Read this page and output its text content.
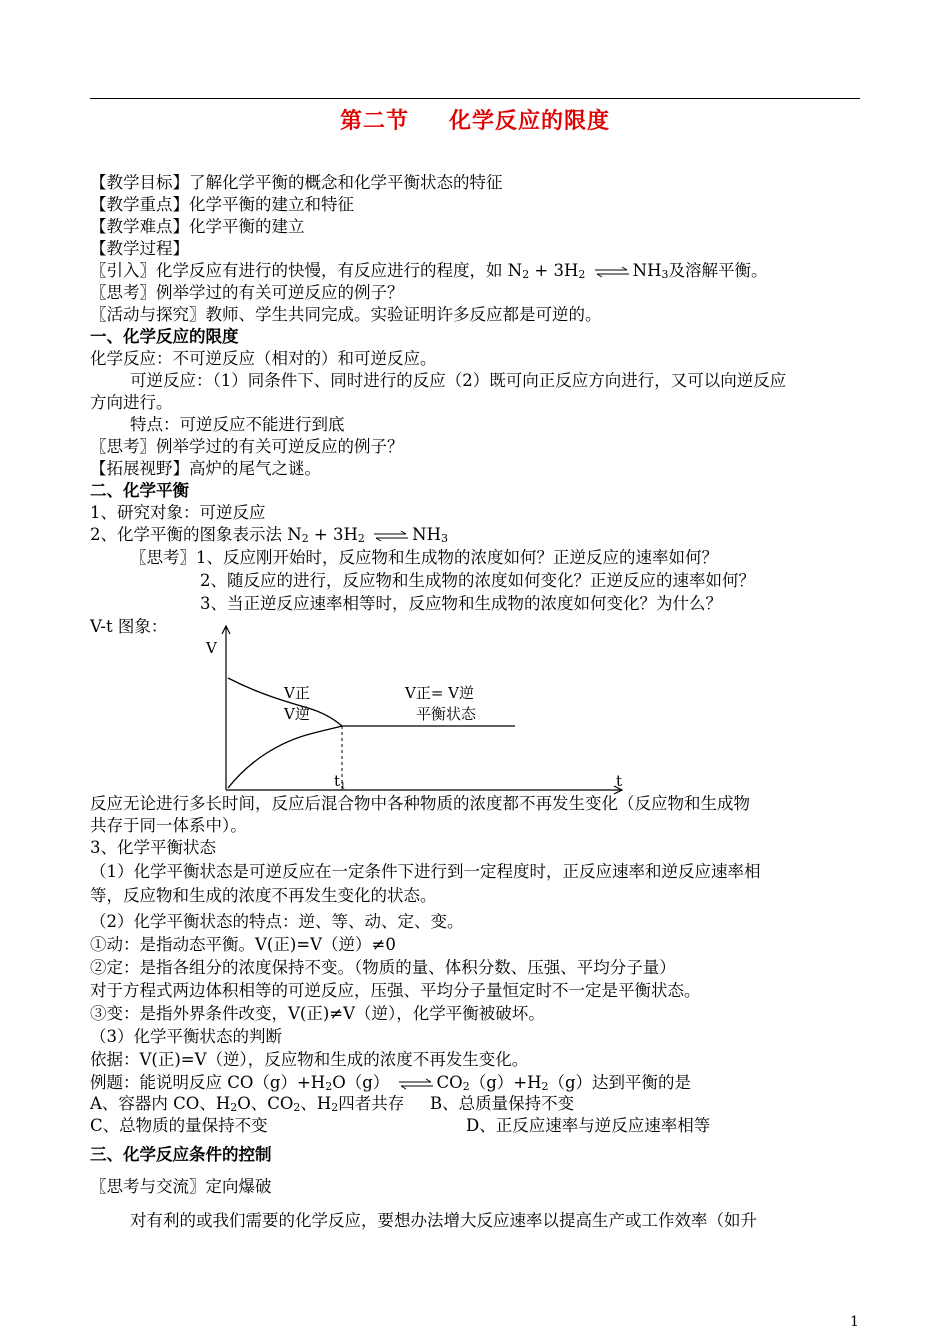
第二节 化学反应的限度
【教学目标】了解化学平衡的概念和化学平衡状态的特征
【教学重点】化学平衡的建立和特征
【教学难点】化学平衡的建立
【教学过程】
〖引入〗化学反应有进行的快慢，有反应进行的程度，如 N2 + 3H2 ⇌ NH3及溶解平衡。
〖思考〗例举学过的有关可逆反应的例子？
〖活动与探究〗教师、学生共同完成。实验证明许多反应都是可逆的。
一、化学反应的限度
化学反应：不可逆反应（相对的）和可逆反应。
可逆反应：（1）同条件下、同时进行的反应（2）既可向正反应方向进行，又可以向逆反应
方向进行。
特点：可逆反应不能进行到底
〖思考〗例举学过的有关可逆反应的例子？
【拓展视野】高炉的尾气之谜。
二、化学平衡
1、研究对象：可逆反应
2、化学平衡的图象表示法 N2 + 3H2 ⇌ NH3
〖思考〗1、反应刚开始时，反应物和生成物的浓度如何？正逆反应的速率如何？
2、随反应的进行，反应物和生成物的浓度如何变化？正逆反应的速率如何？
3、当正逆反应速率相等时，反应物和生成物的浓度如何变化？为什么？
V-t 图象：
V
t
$t_1$
V正
V逆
V正= V逆
平衡状态
反应无论进行多长时间，反应后混合物中各种物质的浓度都不再发生变化（反应物和生成物
共存于同一体系中）。
3、化学平衡状态
（1）化学平衡状态是可逆反应在一定条件下进行到一定程度时，正反应速率和逆反应速率相
等，反应物和生成的浓度不再发生变化的状态。
（2）化学平衡状态的特点：逆、等、动、定、变。
①动：是指动态平衡。V(正)=V（逆）≠0
②定：是指各组分的浓度保持不变。（物质的量、体积分数、压强、平均分子量）
对于方程式两边体积相等的可逆反应，压强、平均分子量恒定时不一定是平衡状态。
③变：是指外界条件改变，V(正)≠V（逆），化学平衡被破坏。
（3）化学平衡状态的判断
依据：V(正)=V（逆），反应物和生成的浓度不再发生变化。
例题：能说明反应 CO（g）+H2O（g） ⇌ CO2（g）+H2（g）达到平衡的是
A、容器内 CO、H2O、CO2、H2四者共存 B、总质量保持不变
C、总物质的量保持不变	D、正反应速率与逆反应速率相等
三、化学反应条件的控制
〖思考与交流〗定向爆破
对有利的或我们需要的化学反应，要想办法增大反应速率以提高生产或工作效率（如升
1
